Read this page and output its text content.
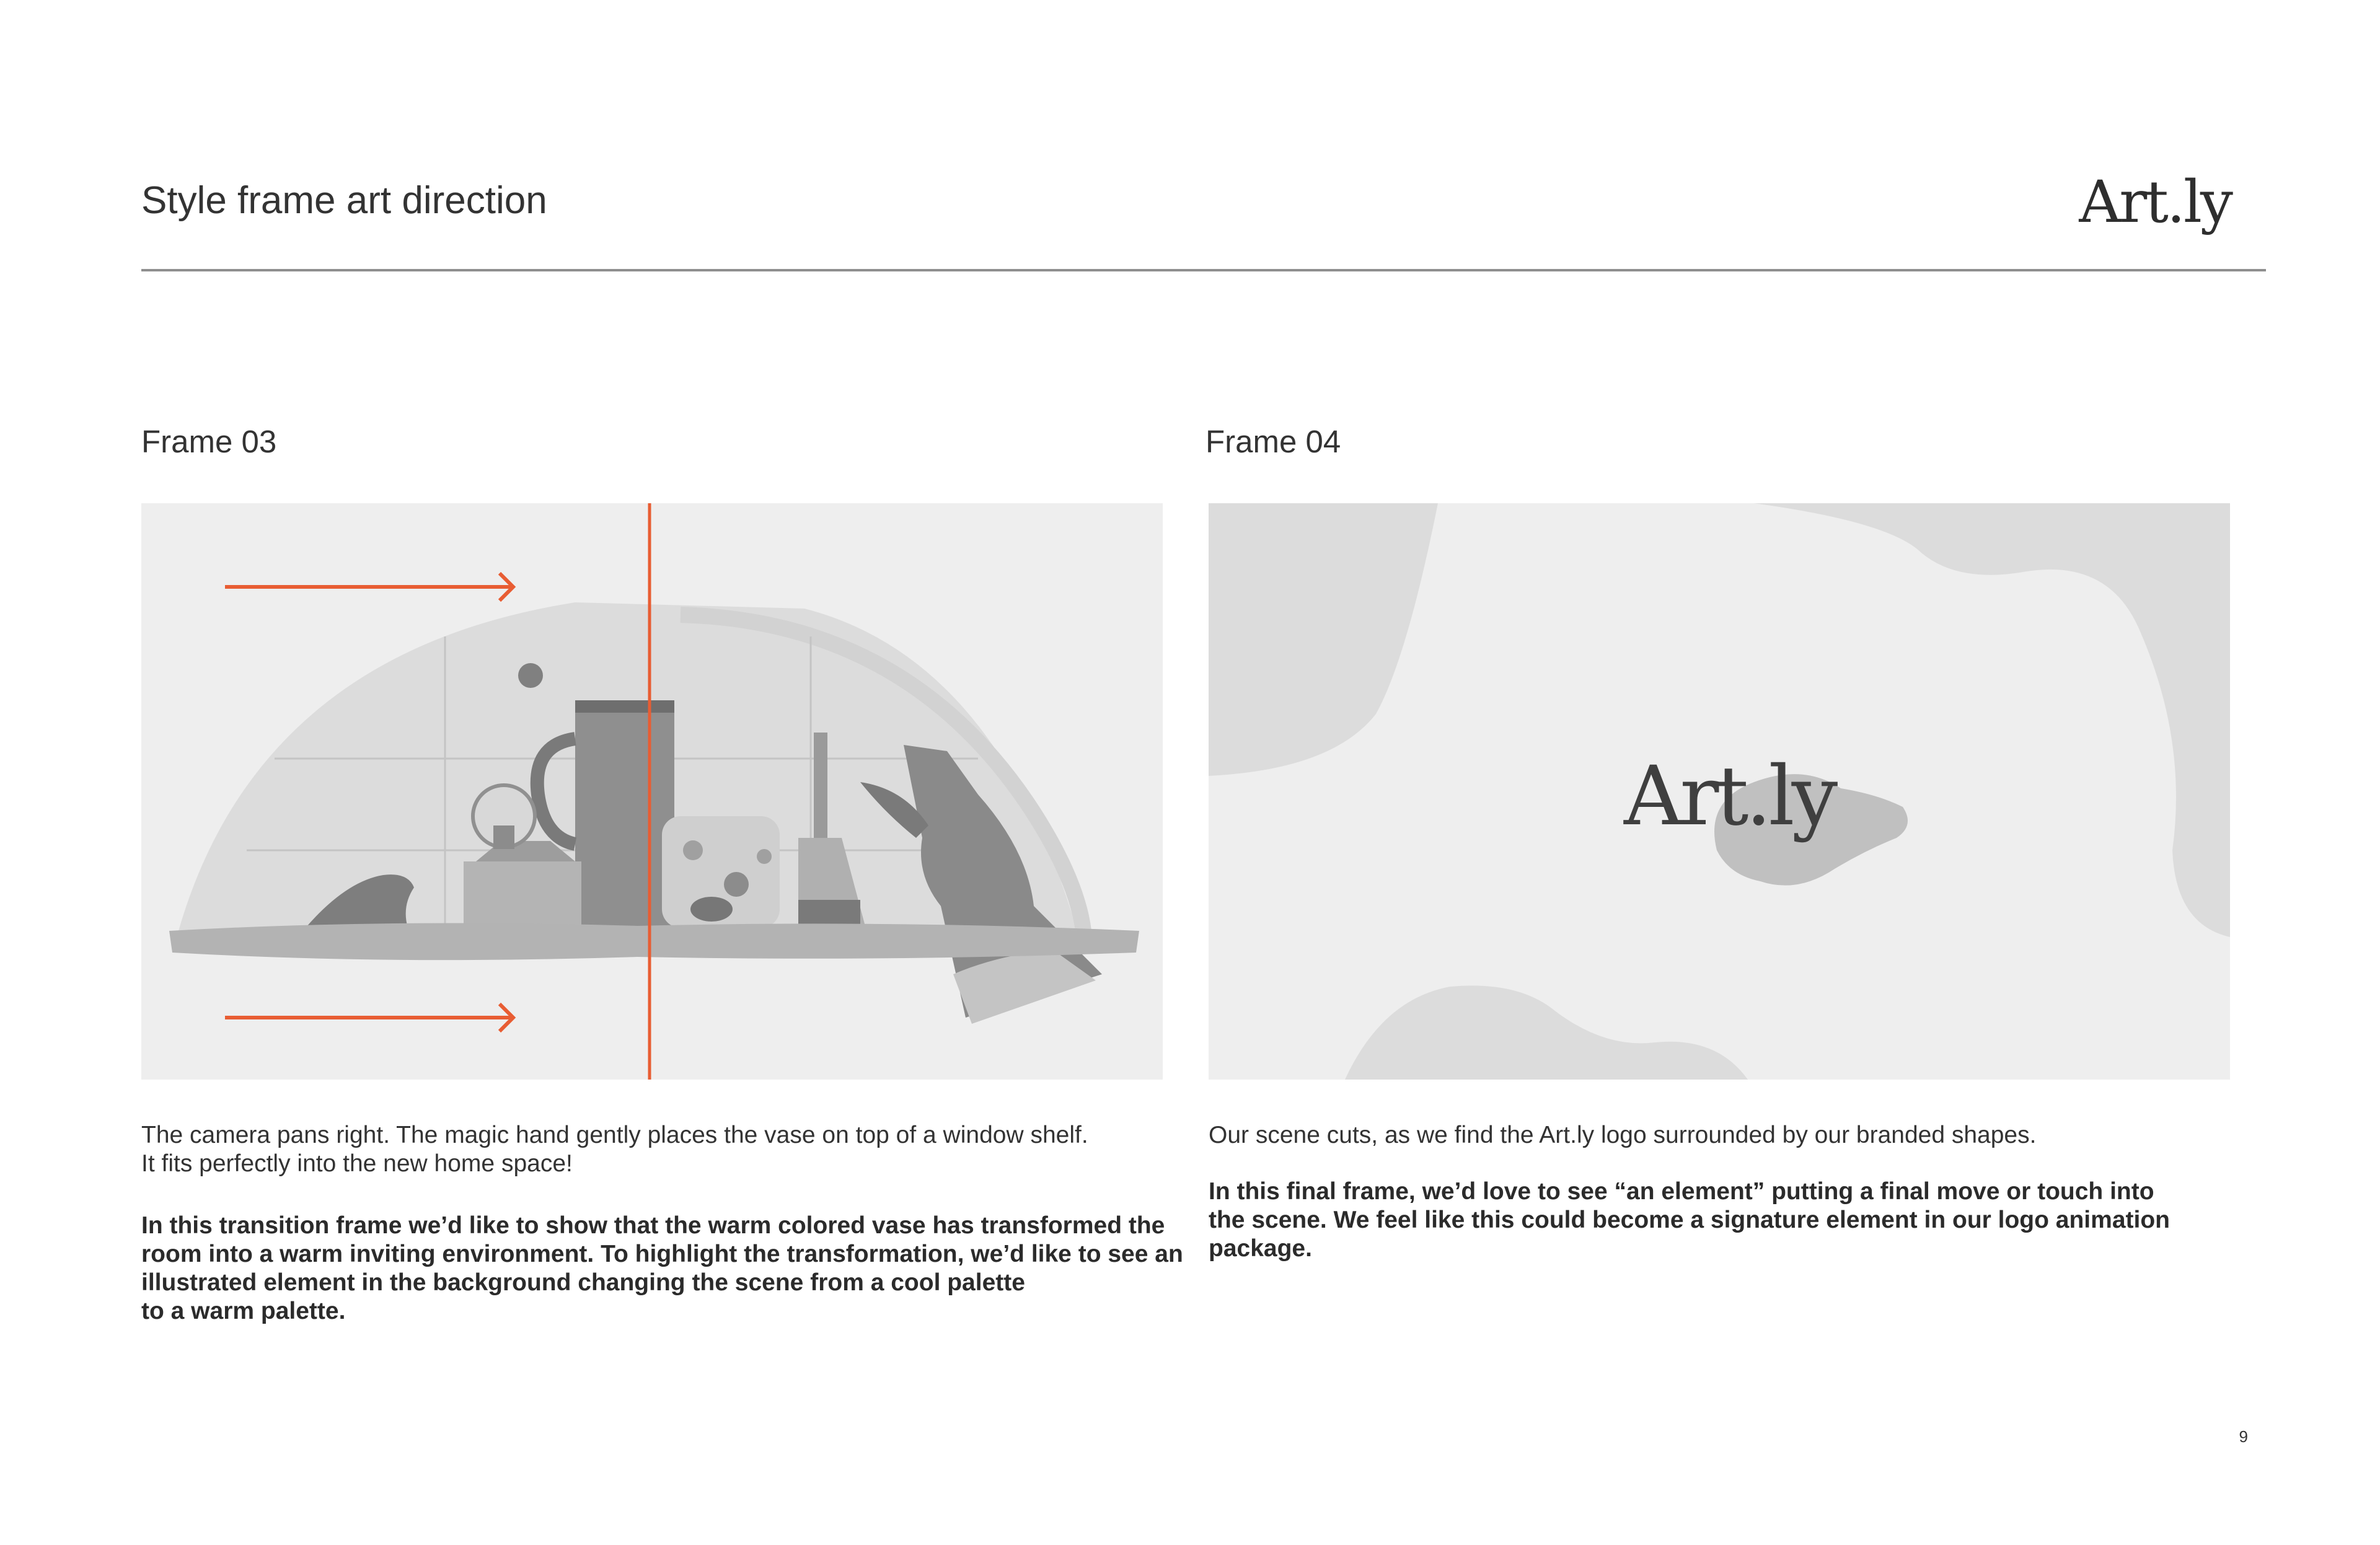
Style frame art direction	Art.ly
Frame 03
The camera pans right. The magic hand gently places the vase on top of a window shelf.
It fits perfectly into the new home space!
In this transition frame we’d like to show that the warm colored vase has transformed the
room into a warm inviting environment. To highlight the transformation, we’d like to see an
illustrated element in the background changing the scene from a cool palette
to a warm palette.
Frame 04
Art.ly
Our scene cuts, as we find the Art.ly logo surrounded by our branded shapes.
In this final frame, we’d love to see “an element” putting a final move or touch into
the scene. We feel like this could become a signature element in our logo animation package.
9
